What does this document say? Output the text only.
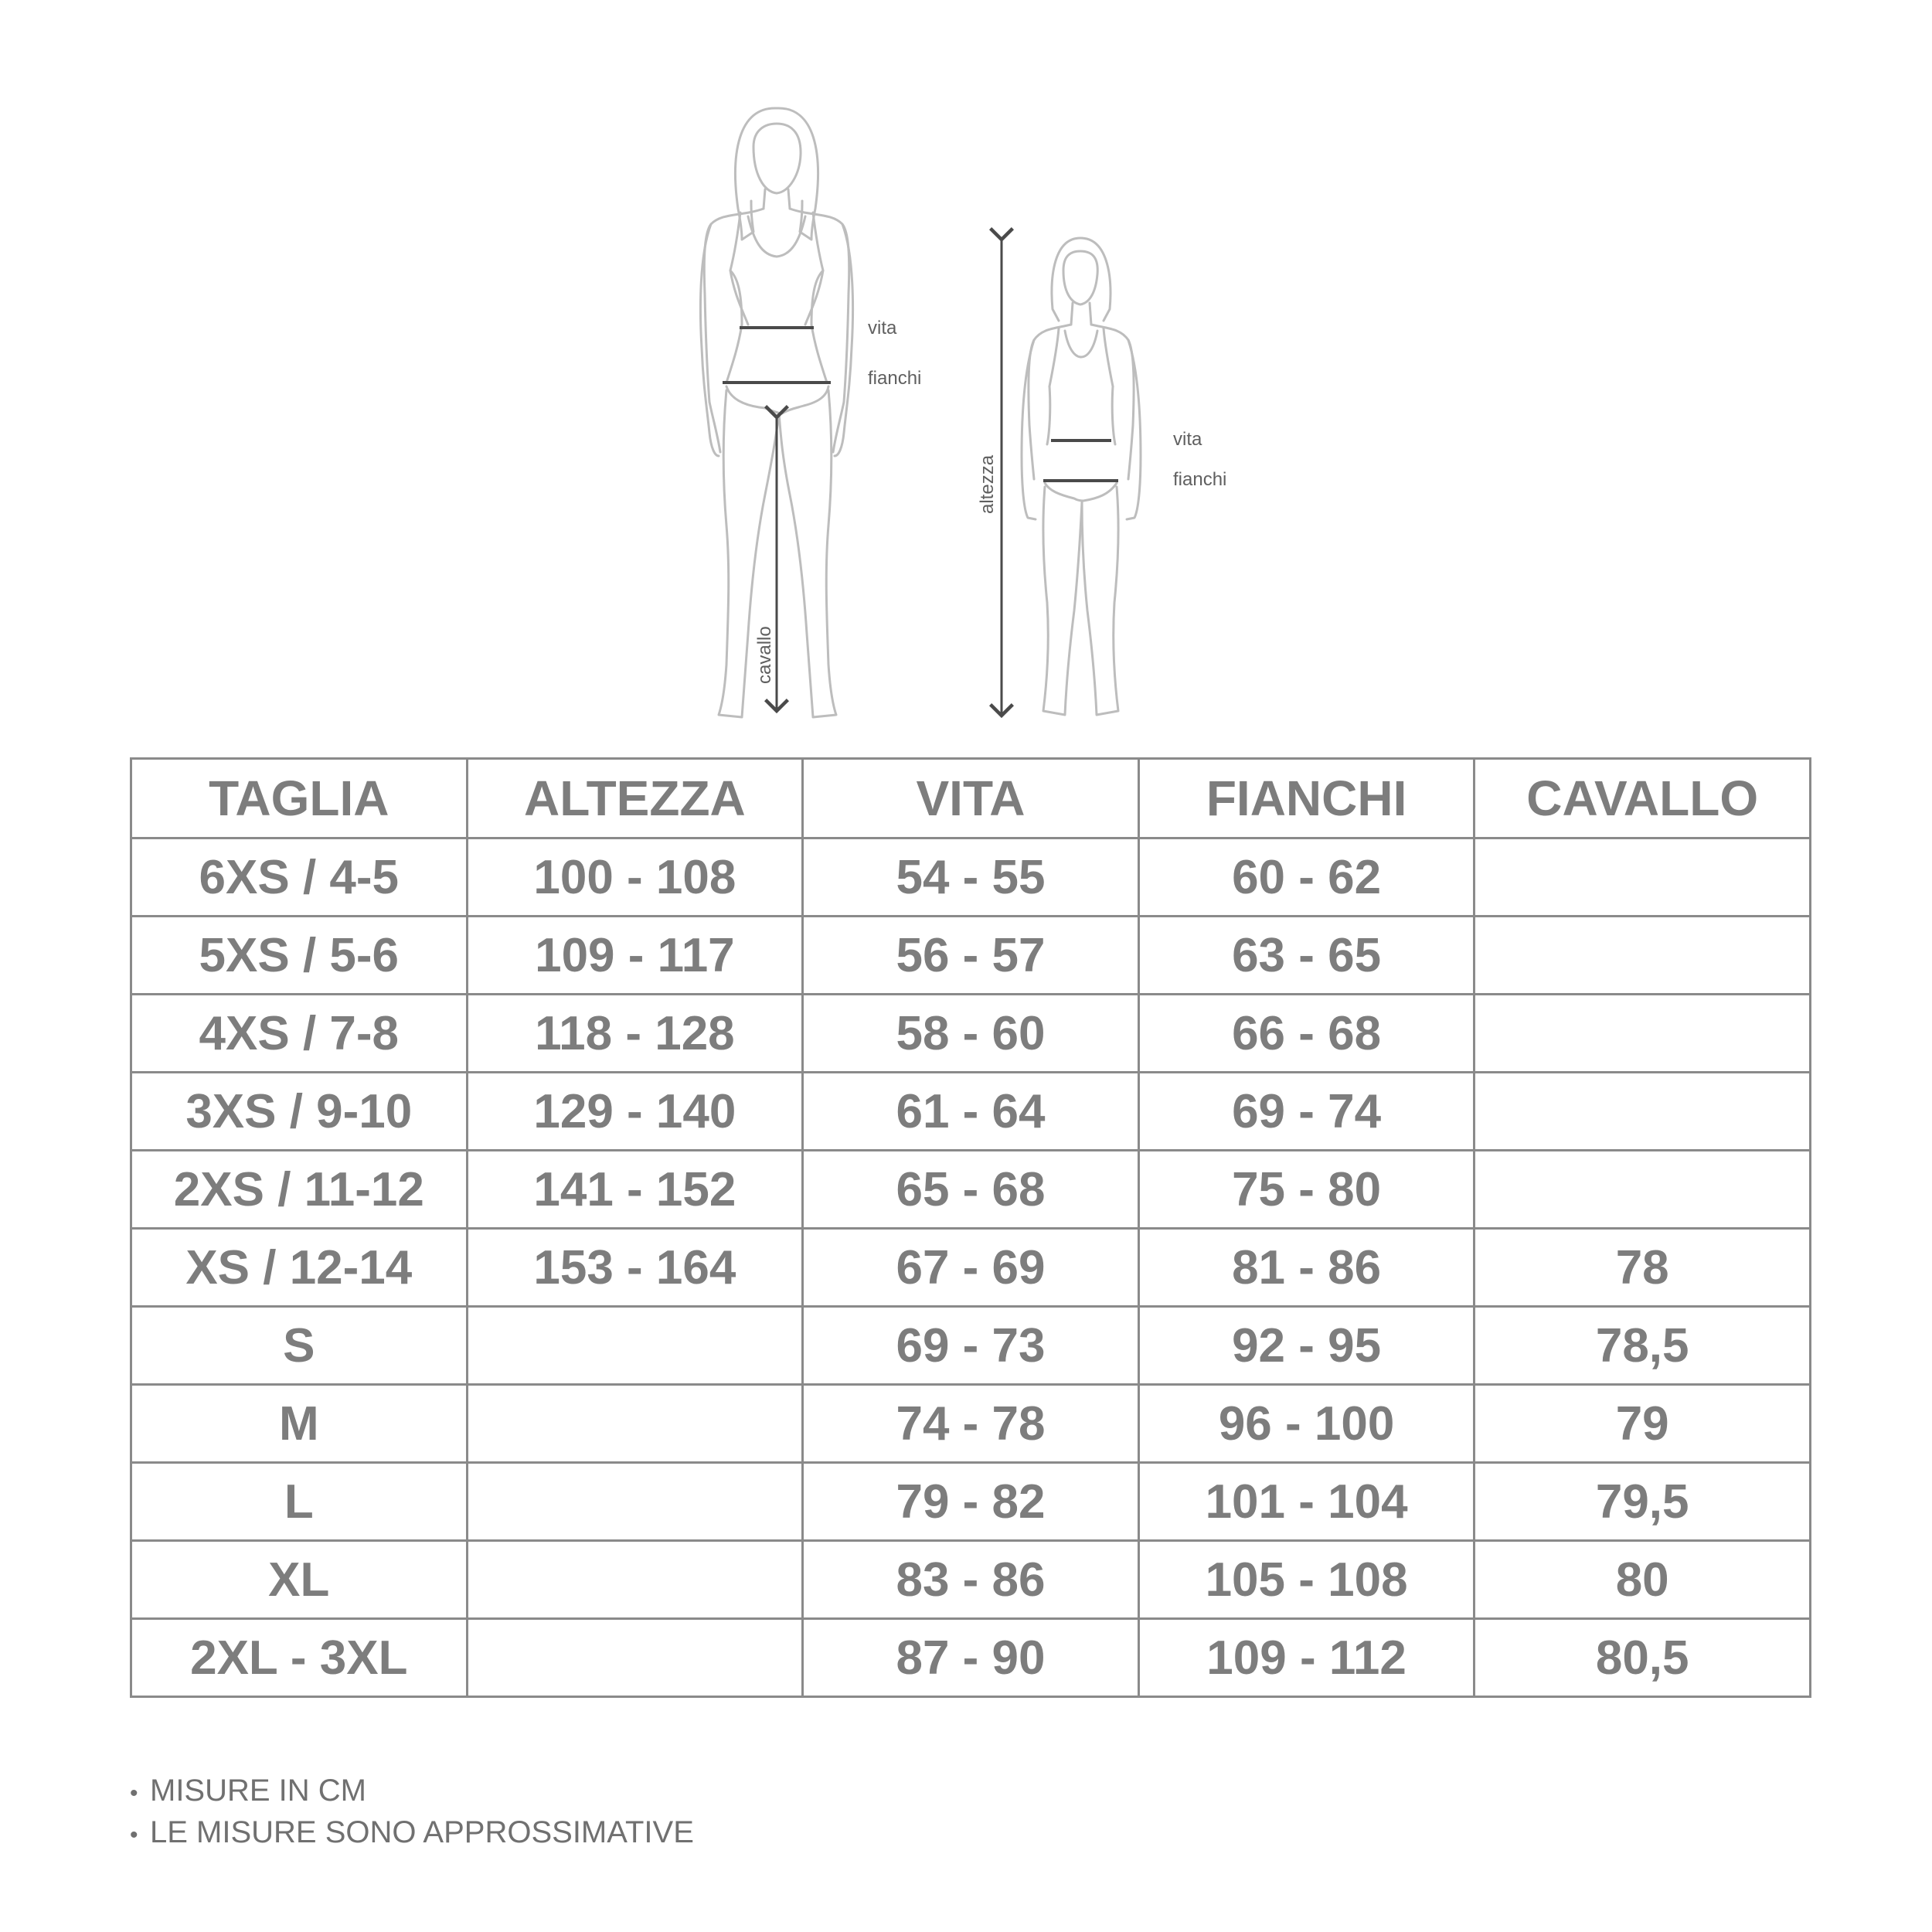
vita
fianchi
cavallo
vita
fianchi
altezza
TAGLIA	ALTEZZA	VITA	FIANCHI	CAVALLO
6XS / 4-5	100 - 108	54 - 55	60 - 62	
5XS / 5-6	109 - 117	56 - 57	63 - 65	
4XS / 7-8	118 - 128	58 - 60	66 - 68	
3XS / 9-10	129 - 140	61 - 64	69 - 74	
2XS / 11-12	141 - 152	65 - 68	75 - 80	
XS / 12-14	153 - 164	67 - 69	81 - 86	78
S		69 - 73	92 - 95	78,5
M		74 - 78	96 - 100	79
L		79 - 82	101 - 104	79,5
XL		83 - 86	105 - 108	80
2XL - 3XL		87 - 90	109 - 112	80,5
• MISURE IN CM
• LE MISURE SONO APPROSSIMATIVE
